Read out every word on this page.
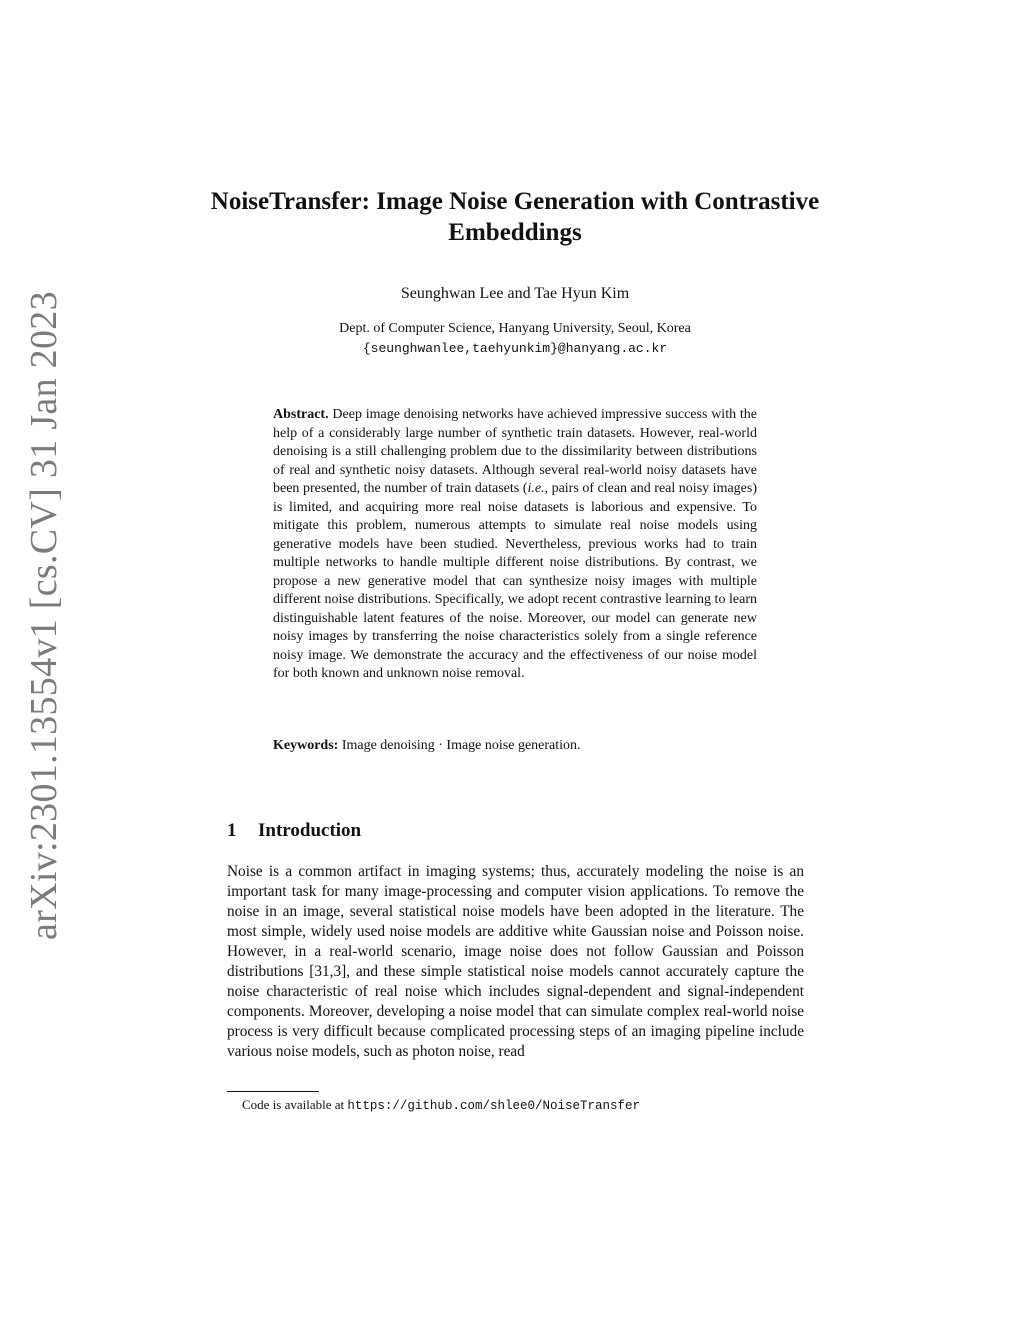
arXiv:2301.13554v1 [cs.CV] 31 Jan 2023
NoiseTransfer: Image Noise Generation with Contrastive Embeddings
Seunghwan Lee and Tae Hyun Kim
Dept. of Computer Science, Hanyang University, Seoul, Korea
{seunghwanlee,taehyunkim}@hanyang.ac.kr
Abstract. Deep image denoising networks have achieved impressive success with the help of a considerably large number of synthetic train datasets. However, real-world denoising is a still challenging problem due to the dissimilarity between distributions of real and synthetic noisy datasets. Although several real-world noisy datasets have been presented, the number of train datasets (i.e., pairs of clean and real noisy images) is limited, and acquiring more real noise datasets is laborious and expensive. To mitigate this problem, numerous attempts to simulate real noise models using generative models have been studied. Nevertheless, previous works had to train multiple networks to handle multiple different noise distributions. By contrast, we propose a new generative model that can synthesize noisy images with multiple different noise distributions. Specifically, we adopt recent contrastive learning to learn distinguishable latent features of the noise. Moreover, our model can generate new noisy images by transferring the noise characteristics solely from a single reference noisy image. We demonstrate the accuracy and the effectiveness of our noise model for both known and unknown noise removal.
Keywords: Image denoising · Image noise generation.
1 Introduction
Noise is a common artifact in imaging systems; thus, accurately modeling the noise is an important task for many image-processing and computer vision applications. To remove the noise in an image, several statistical noise models have been adopted in the literature. The most simple, widely used noise models are additive white Gaussian noise and Poisson noise. However, in a real-world scenario, image noise does not follow Gaussian and Poisson distributions [31,3], and these simple statistical noise models cannot accurately capture the noise characteristic of real noise which includes signal-dependent and signal-independent components. Moreover, developing a noise model that can simulate complex real-world noise process is very difficult because complicated processing steps of an imaging pipeline include various noise models, such as photon noise, read
Code is available at https://github.com/shlee0/NoiseTransfer
